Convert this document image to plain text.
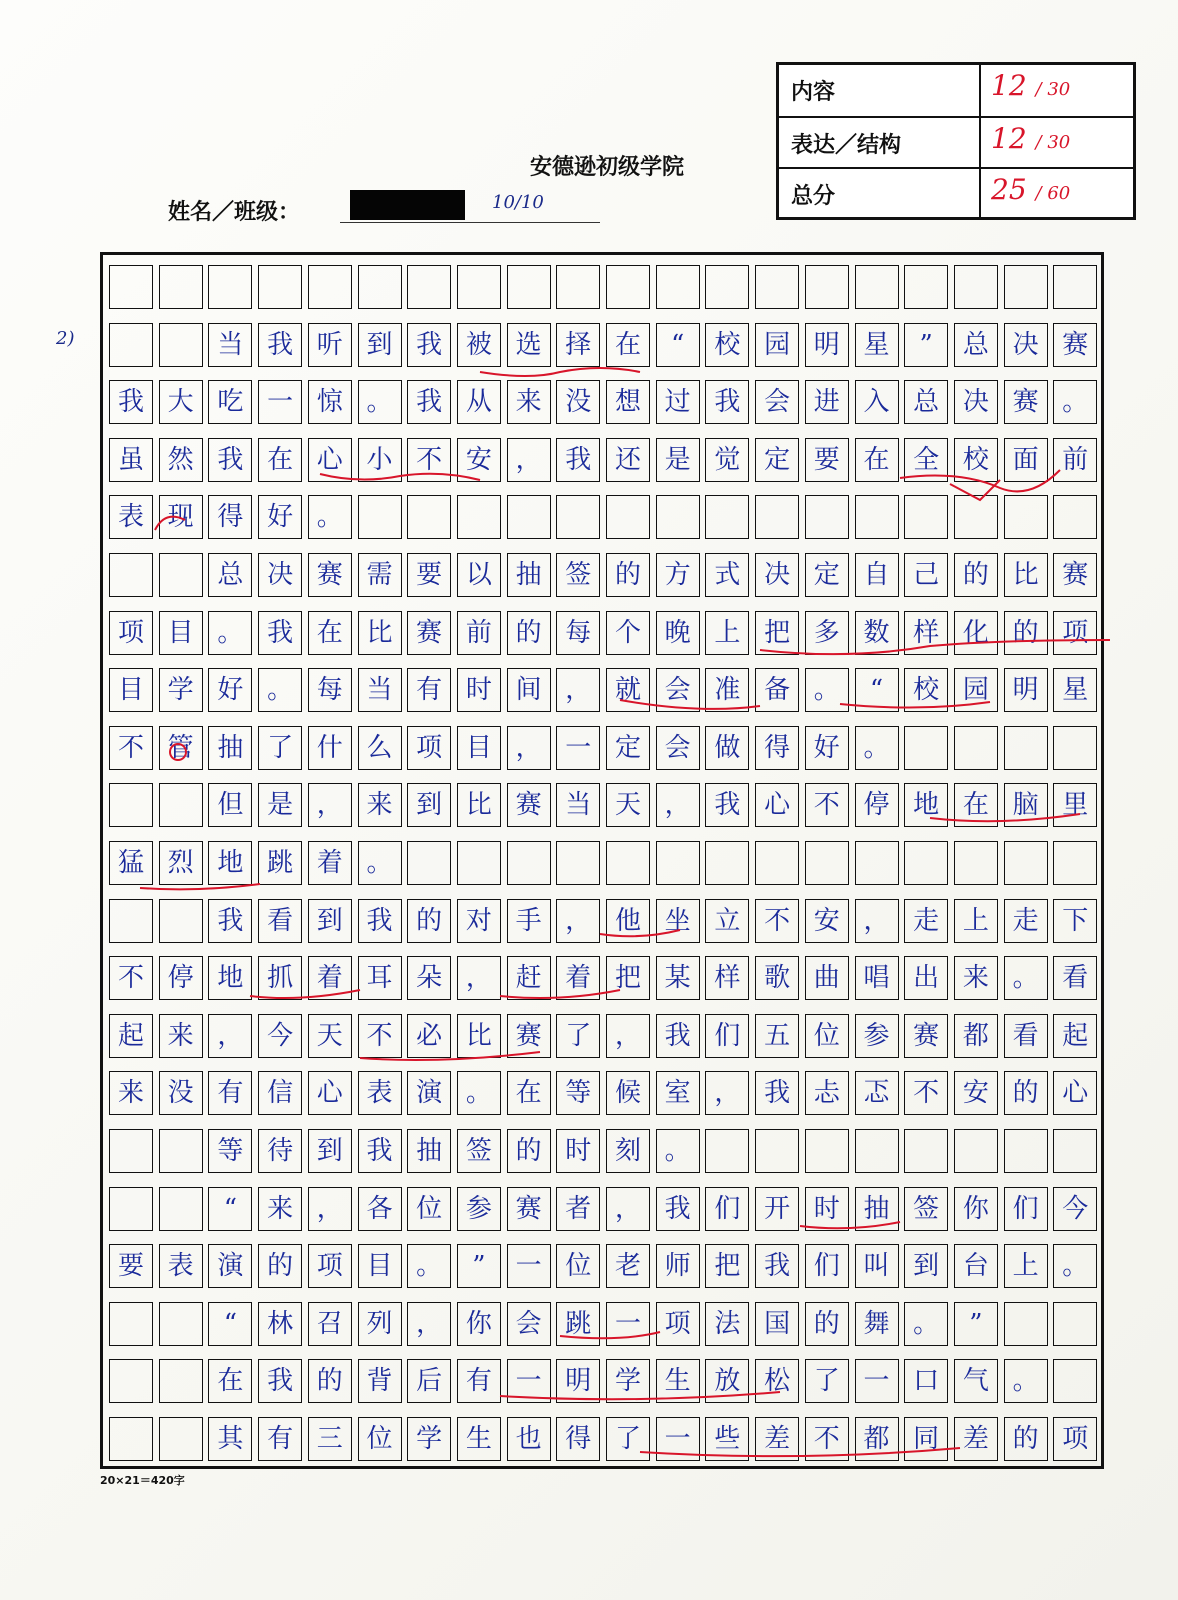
内容	12 / 30
表达／结构	12 / 30
总分	25 / 60
安德逊初级学院
姓名／班级：	10/10
2)	当 我 听 到 我 被 选 择 在	“	校 园 明 星	”	总 决 赛
我 大 吃 一 惊 。 我 从 来 没 想 过 我 会 进 入 总 决 赛 。
虽 然 我 在 心 小 不 安 ， 我 还 是 觉 定 要 在 全 校 面 前
表 现 得 好 。
总 决 赛 需 要 以 抽 签 的 方 式 决 定 自 己 的 比 赛
项 目 。 我 在 比 赛 前 的 每 个 晚 上 把 多 数 样 化 的 项
目 学 好 。 每 当 有 时 间 ， 就 会 准 备 。	“	校 园 明 星
不 管 抽 了 什 么 项 目 ， 一 定 会 做 得 好 。
但 是 ， 来 到 比 赛 当 天 ， 我 心 不 停 地 在 脑 里
猛 烈 地 跳 着 。
我 看 到 我 的 对 手 ， 他 坐 立 不 安 ， 走 上 走 下
不 停 地 抓 着 耳 朵 ， 赶 着 把 某 样 歌 曲 唱 出 来 。 看
起 来 ， 今 天 不 必 比 赛 了 ， 我 们 五 位 参 赛 都 看 起
来 没 有 信 心 表 演 。 在 等 候 室 ， 我 忐 忑 不 安 的 心
等 待 到 我 抽 签 的 时 刻 。
“	来 ， 各 位 参 赛 者 ， 我 们 开 时 抽 签 你 们 今
要 表 演 的 项 目 。	”	一 位 老 师 把 我 们 叫 到 台 上 。
“	林 召 列 ， 你 会 跳 一 项 法 国 的 舞 。	”
在 我 的 背 后 有 一 明 学 生 放 松 了 一 口 气 。
其 有 三 位 学 生 也 得 了 一 些 差 不 都 同 差 的 项
20×21＝420字
